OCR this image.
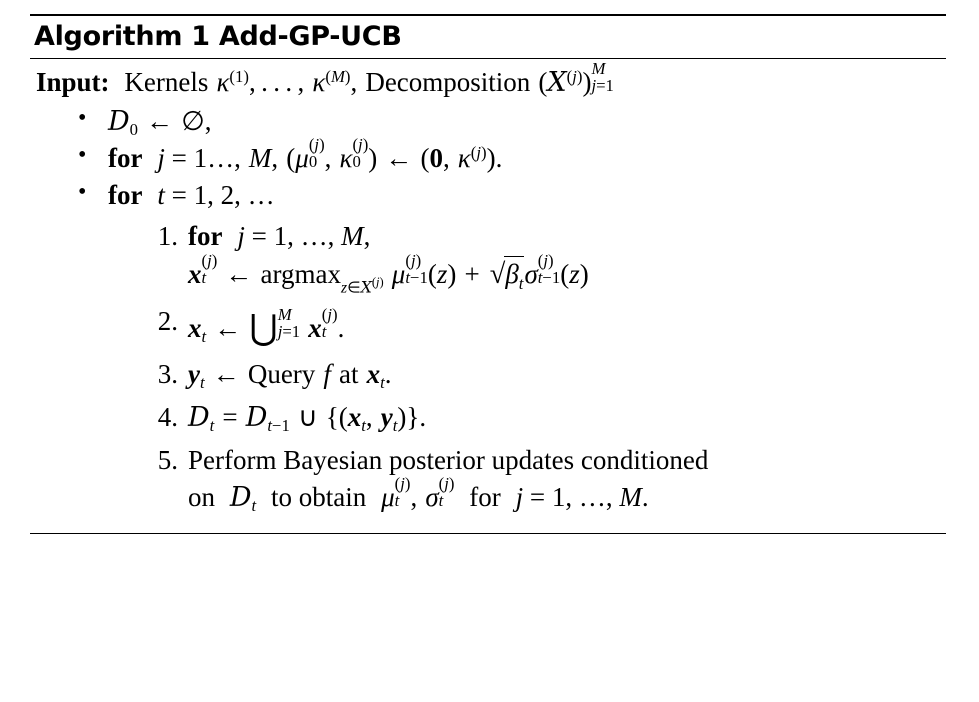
Algorithm 1 Add-GP-UCB
Input: Kernels $\kappa^{(1)}$, . . . , $\kappa^{(M)}$, Decomposition $(X^{(j)})$ M
j=1
• $D_0$ ← ∅,
• for j = 1…, M, (μ (j)
0 , κ (j)
0 ) ← (0, $\kappa^{(j)}$).
• for t = 1, 2, …
for j = 1, …, M,
x (j)
t ← $argmaxz\in X^{(j)}$ μ (j)
t−1 $(z) + √\beta_t\sigma$ (j)
t−1 (z)
$x_t$ ← ⋃ M
j=1 x (j)
t .
$y_t$ ← Query f at $x_t$.
$D_t = D_{t-1}$ ∪ {($x_t$, $y_t$)}.
Perform Bayesian posterior updates conditioned
on $D_t$ to obtain μ (j)
t , σ (j)
t for j = 1, …, M.
